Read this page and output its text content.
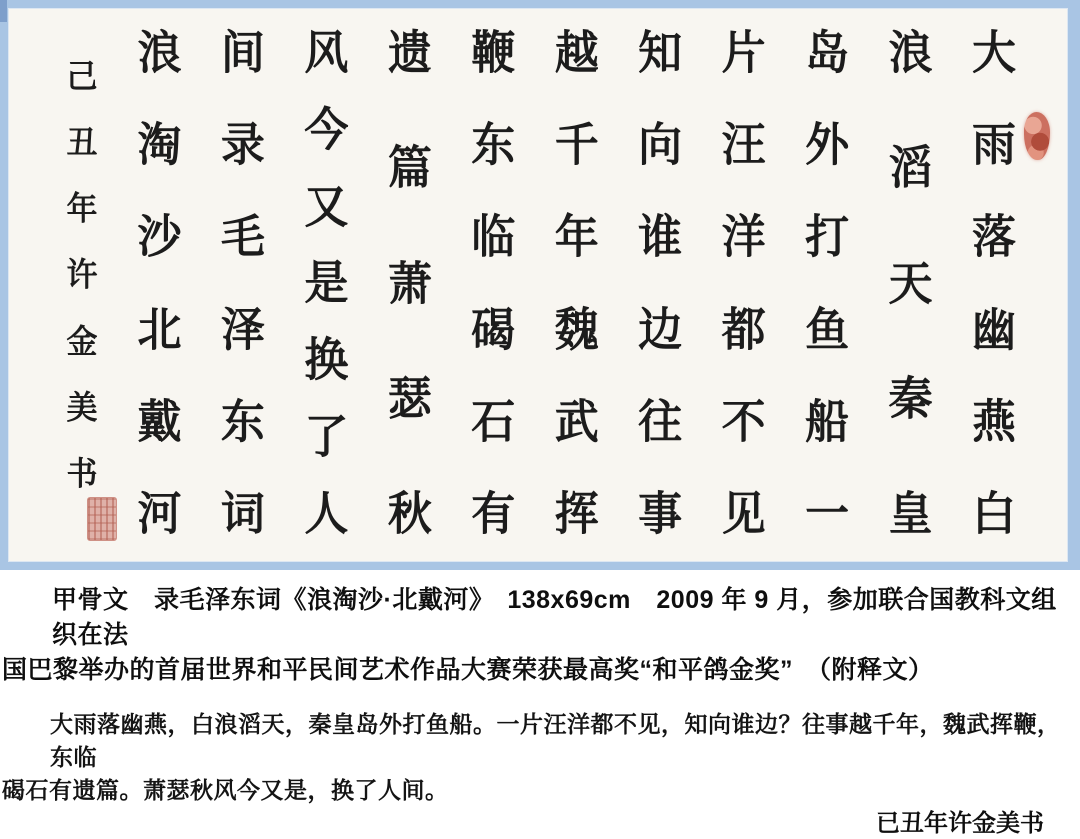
大
雨
落
幽
燕
白
浪
滔
天
秦
皇
岛
外
打
鱼
船
一
片
汪
洋
都
不
见
知
向
谁
边
往
事
越
千
年
魏
武
挥
鞭
东
临
碣
石
有
遗
篇
萧
瑟
秋
风
今
又
是
换
了
人
间
录
毛
泽
东
词
浪
淘
沙
北
戴
河
己
丑
年
许
金
美
书
甲骨文　录毛泽东词《浪淘沙·北戴河》　138x69cm　2009 年 9 月，参加联合国教科文组织在法
国巴黎举办的首届世界和平民间艺术作品大赛荣获最高奖“和平鸽金奖”　（附释文）
大雨落幽燕，白浪滔天，秦皇岛外打鱼船。一片汪洋都不见，知向谁边？往事越千年，魏武挥鞭，东临
碣石有遗篇。萧瑟秋风今又是，换了人间。
已丑年许金美书
